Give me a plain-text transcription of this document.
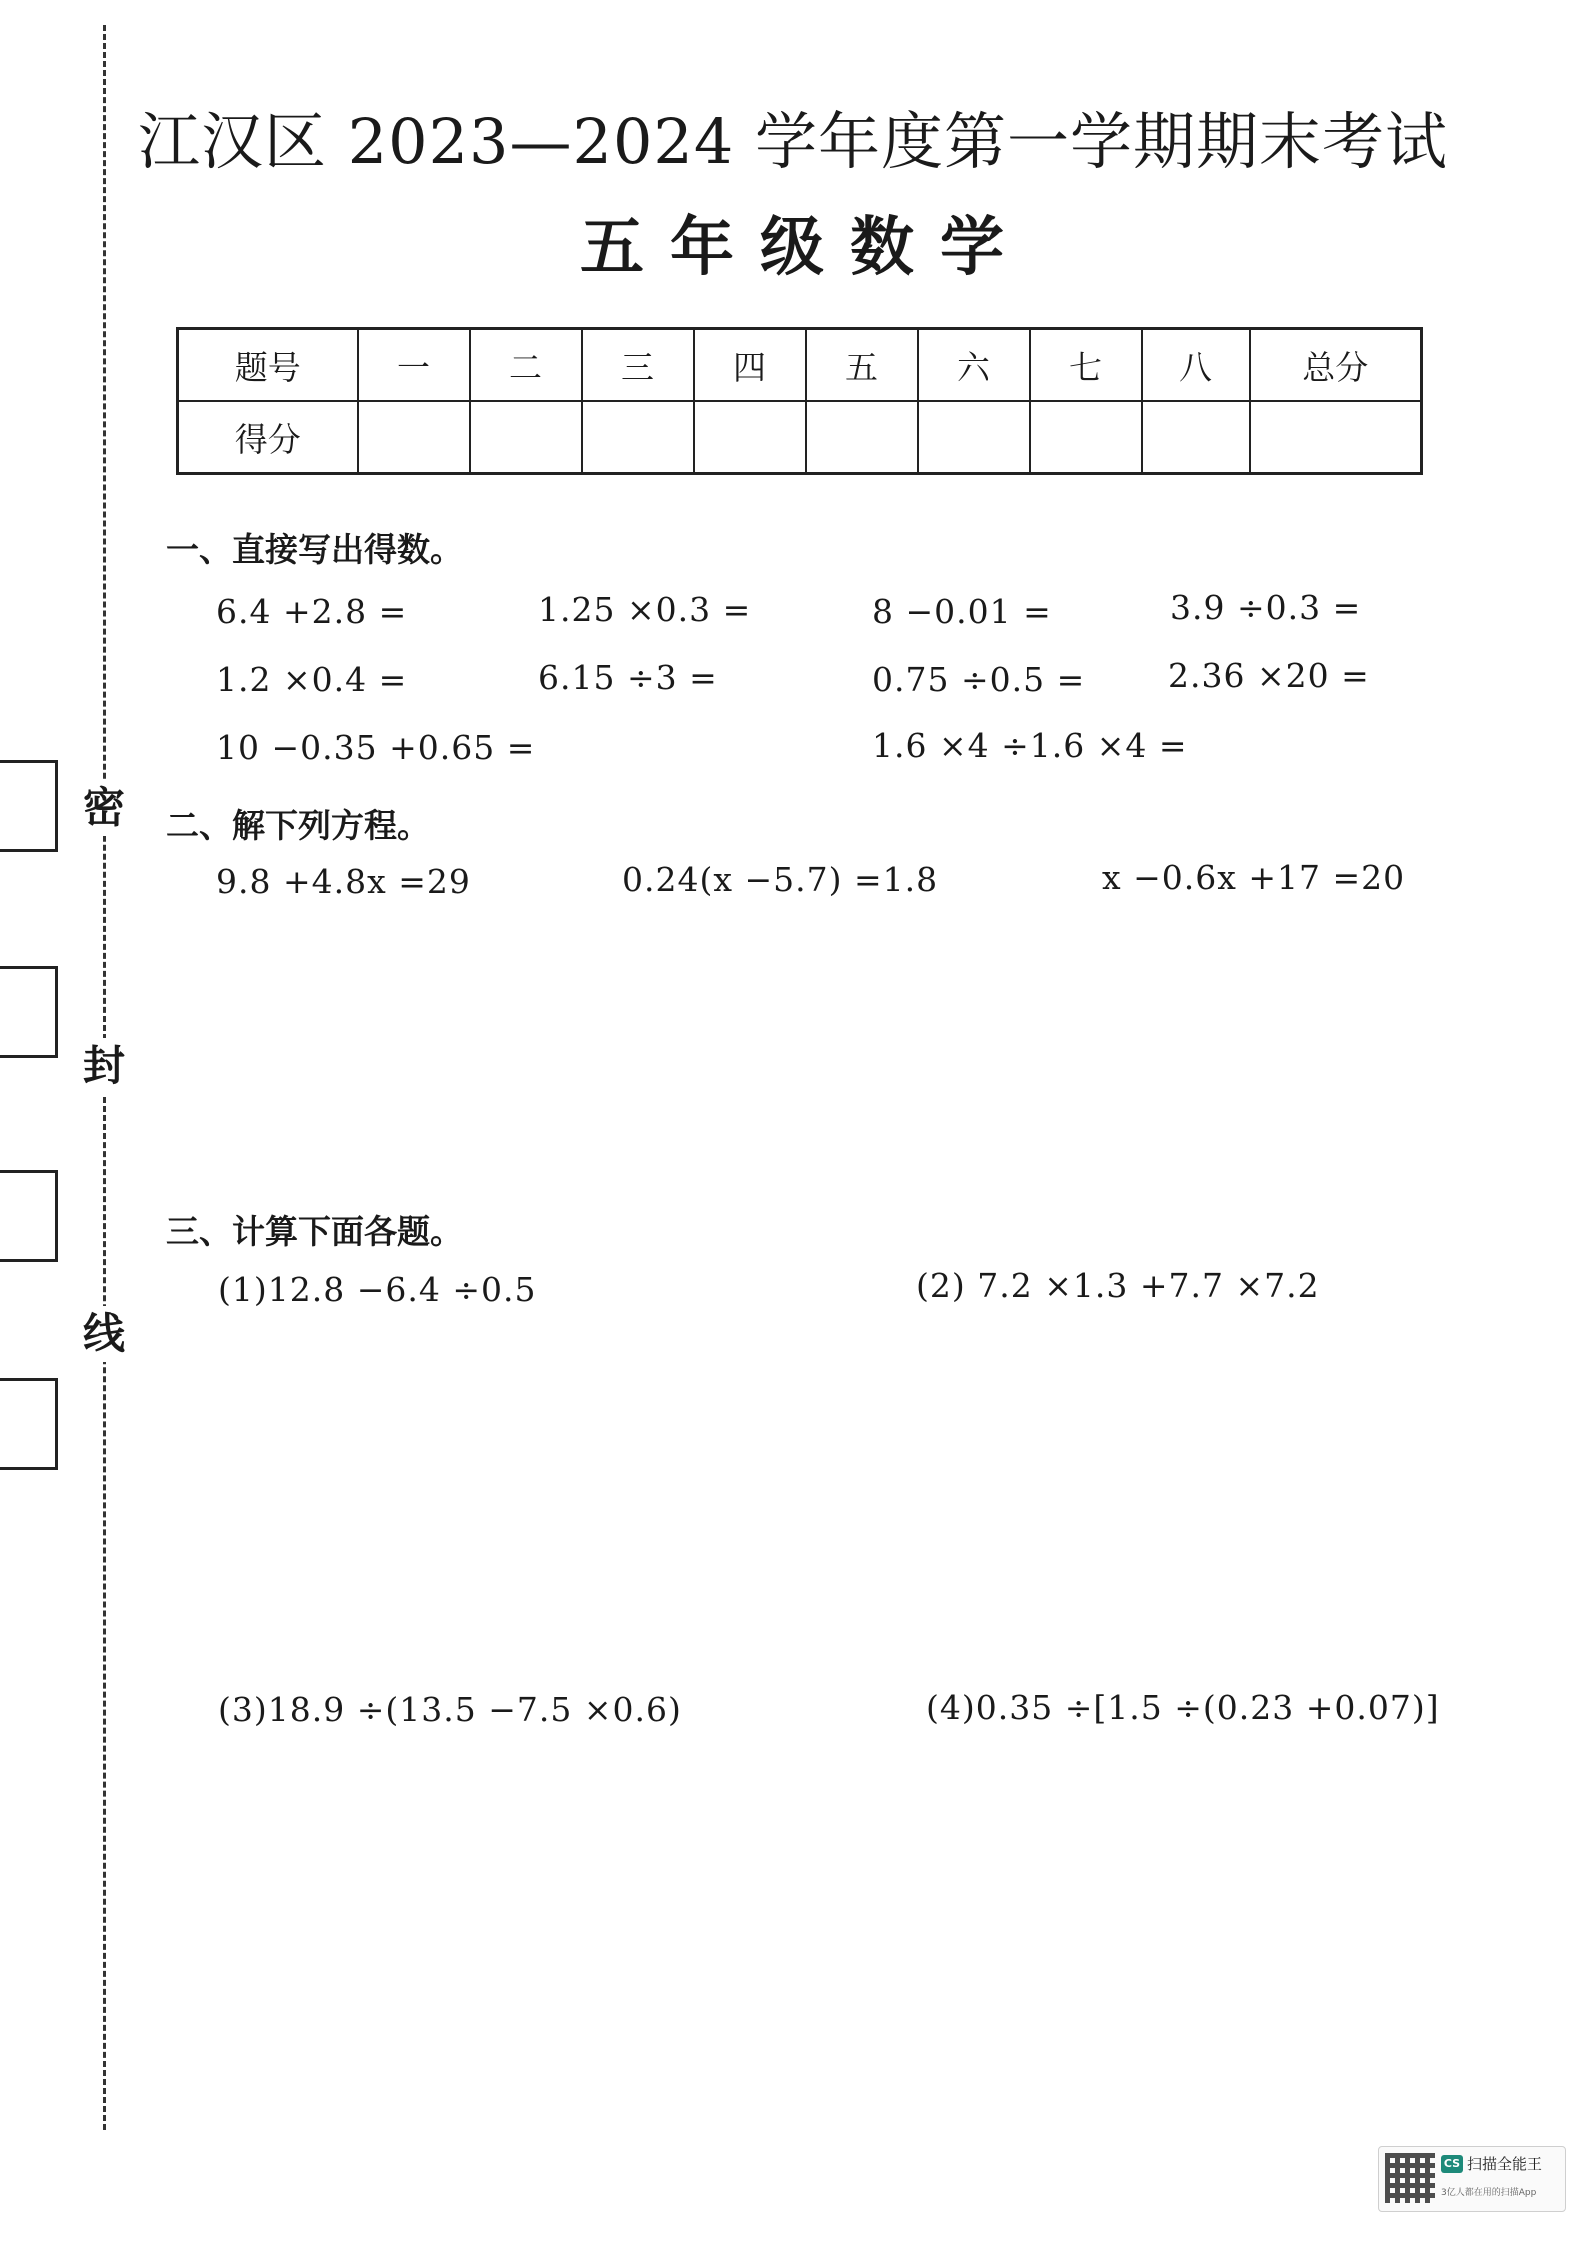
密
封
线
江汉区 2023—2024 学年度第一学期期末考试
五年级数学
题号	一	二	三	四	五	六	七	八	总分
得分									
一、直接写出得数。
6.4 +2.8 =	1.25 ×0.3 =	8 −0.01 =	3.9 ÷0.3 =
1.2 ×0.4 =	6.15 ÷3 =	0.75 ÷0.5 =	2.36 ×20 =
10 −0.35 +0.65 =	1.6 ×4 ÷1.6 ×4 =
二、解下列方程。
9.8 +4.8x =29	0.24(x −5.7) =1.8	x −0.6x +17 =20
三、计算下面各题。
(1)12.8 −6.4 ÷0.5	(2) 7.2 ×1.3 +7.7 ×7.2
(3)18.9 ÷(13.5 −7.5 ×0.6)	(4)0.35 ÷[1.5 ÷(0.23 +0.07)]
CS 扫描全能王
3亿人都在用的扫描App
